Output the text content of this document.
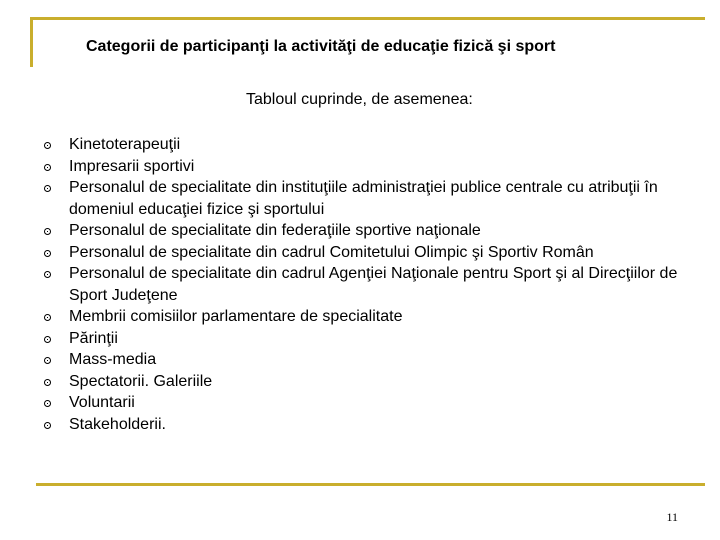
Categorii de participanţi la activităţi de educaţie fizică şi sport
Tabloul cuprinde, de asemenea:
Kinetoterapeuţii
Impresarii sportivi
Personalul de specialitate din instituţiile administraţiei publice centrale cu atribuţii în domeniul educaţiei fizice şi sportului
Personalul de specialitate din federaţiile sportive naţionale
Personalul de specialitate din cadrul Comitetului Olimpic şi Sportiv Român
Personalul de specialitate din cadrul Agenţiei Naţionale pentru Sport şi al Direcţiilor de Sport Judeţene
Membrii comisiilor parlamentare de specialitate
Părinţii
Mass-media
Spectatorii. Galeriile
Voluntarii
Stakeholderii.
11
